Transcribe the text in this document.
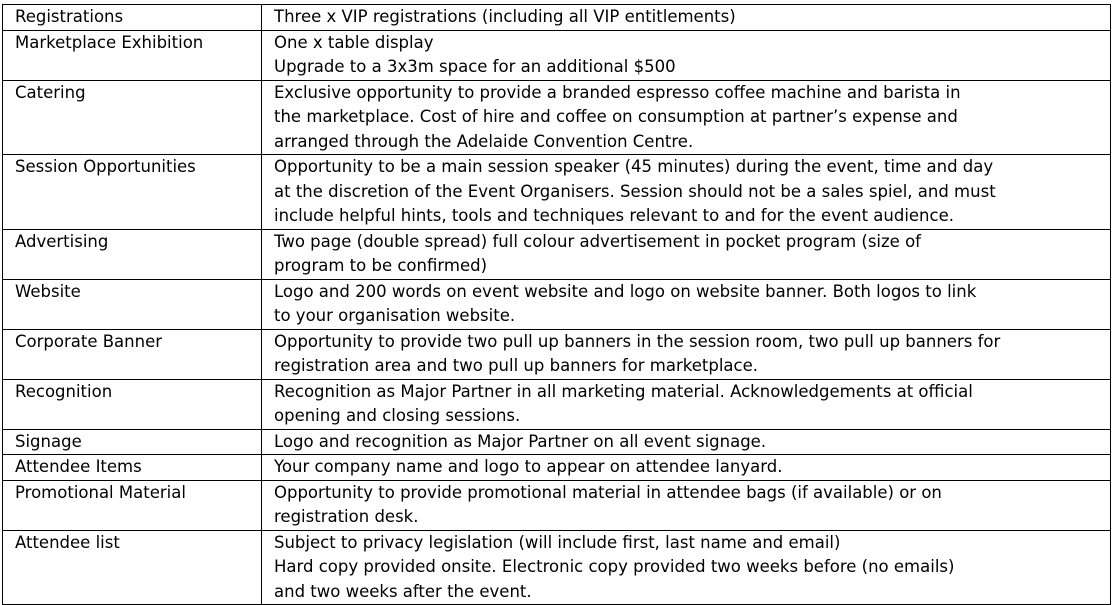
Registrations	Three x VIP registrations (including all VIP entitlements)

Marketplace Exhibition	One x table display
Upgrade to a 3x3m space for an additional $500

Catering	Exclusive opportunity to provide a branded espresso coffee machine and barista in
the marketplace. Cost of hire and coffee on consumption at partner’s expense and
arranged through the Adelaide Convention Centre.

Session Opportunities	Opportunity to be a main session speaker (45 minutes) during the event, time and day
at the discretion of the Event Organisers. Session should not be a sales spiel, and must
include helpful hints, tools and techniques relevant to and for the event audience.

Advertising	Two page (double spread) full colour advertisement in pocket program (size of
program to be confirmed)

Website	Logo and 200 words on event website and logo on website banner. Both logos to link
to your organisation website.

Corporate Banner	Opportunity to provide two pull up banners in the session room, two pull up banners for
registration area and two pull up banners for marketplace.

Recognition	Recognition as Major Partner in all marketing material. Acknowledgements at official
opening and closing sessions.

Signage	Logo and recognition as Major Partner on all event signage.

Attendee Items	Your company name and logo to appear on attendee lanyard.

Promotional Material	Opportunity to provide promotional material in attendee bags (if available) or on
registration desk.

Attendee list	Subject to privacy legislation (will include first, last name and email)
Hard copy provided onsite. Electronic copy provided two weeks before (no emails)
and two weeks after the event.
